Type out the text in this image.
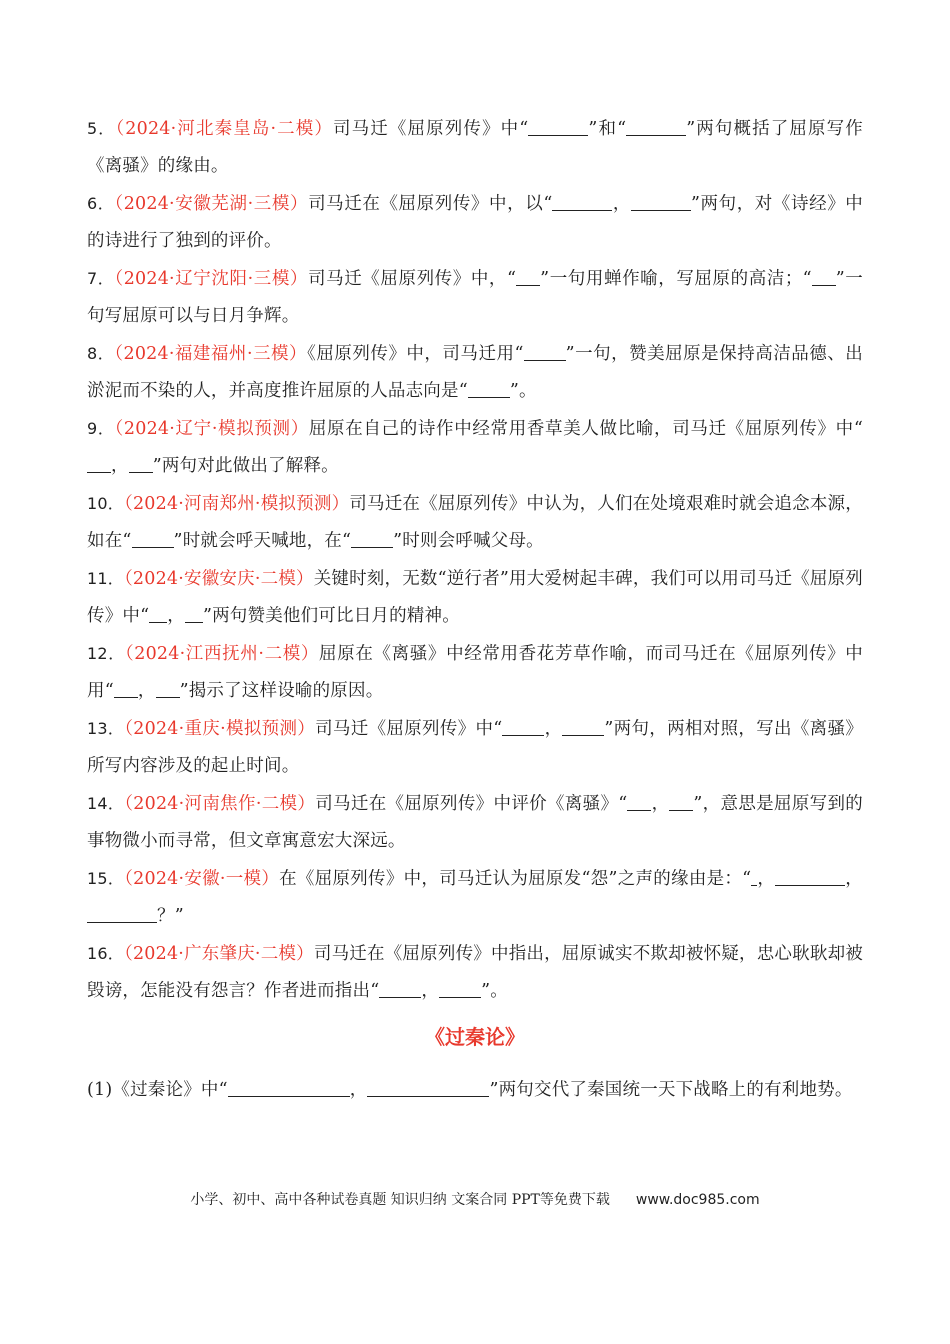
5．（2024·河北秦皇岛·二模）司马迁《屈原列传》中“	”和“	”两句概括了屈原写作《离骚》的缘由。
6．（2024·安徽芜湖·三模）司马迁在《屈原列传》中，以“	，	”两句，对《诗经》中的诗进行了独到的评价。
7．（2024·辽宁沈阳·三模）司马迁《屈原列传》中，“ ”一句用蝉作喻，写屈原的高洁；“ ”一句写屈原可以与日月争辉。
8．（2024·福建福州·三模）《屈原列传》中，司马迁用“ ”一句，赞美屈原是保持高洁品德、出淤泥而不染的人，并高度推许屈原的人品志向是“ ”。
9．（2024·辽宁·模拟预测）屈原在自己的诗作中经常用香草美人做比喻，司马迁《屈原列传》中“， ”两句对此做出了解释。
10．（2024·河南郑州·模拟预测）司马迁在《屈原列传》中认为，人们在处境艰难时就会追念本源，如在“ ”时就会呼天喊地，在“ ”时则会呼喊父母。
11．（2024·安徽安庆·二模）关键时刻，无数“逆行者”用大爱树起丰碑，我们可以用司马迁《屈原列传》中“ ， ”两句赞美他们可比日月的精神。
12．（2024·江西抚州·二模）屈原在《离骚》中经常用香花芳草作喻，而司马迁在《屈原列传》中用“ ， ”揭示了这样设喻的原因。
13．（2024·重庆·模拟预测）司马迁《屈原列传》中“ ， ”两句，两相对照，写出《离骚》所写内容涉及的起止时间。
14．（2024·河南焦作·二模）司马迁在《屈原列传》中评价《离骚》“ ， ”，意思是屈原写到的事物微小而寻常，但文章寓意宏大深远。
15．（2024·安徽·一模）在《屈原列传》中，司马迁认为屈原发“怨”之声的缘由是：“ ，	，？”
16．（2024·广东肇庆·二模）司马迁在《屈原列传》中指出，屈原诚实不欺却被怀疑，忠心耿耿却被毁谤，怎能没有怨言？作者进而指出“ ， ”。
《过秦论》
(1)《过秦论》中“	，	”两句交代了秦国统一天下战略上的有利地势。
小学、初中、高中各种试卷真题 知识归纳 文案合同 PPT等免费下载 www.doc985.com
